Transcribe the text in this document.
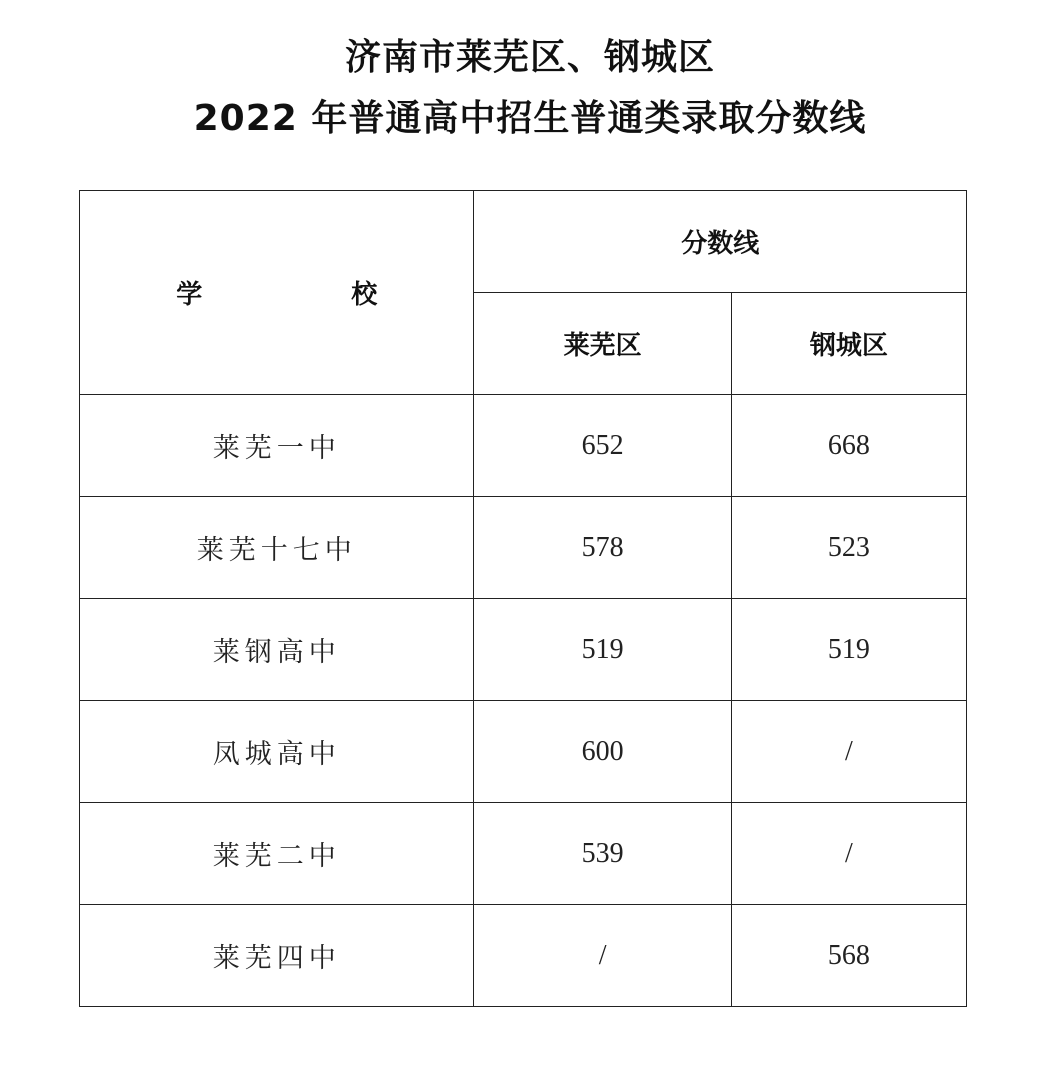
济南市莱芜区、钢城区
2022 年普通高中招生普通类录取分数线
学 校	分数线	
	莱芜区	钢城区
莱芜一中	652	668
莱芜十七中	578	523
莱钢高中	519	519
凤城高中	600	/
莱芜二中	539	/
莱芜四中	/	568
